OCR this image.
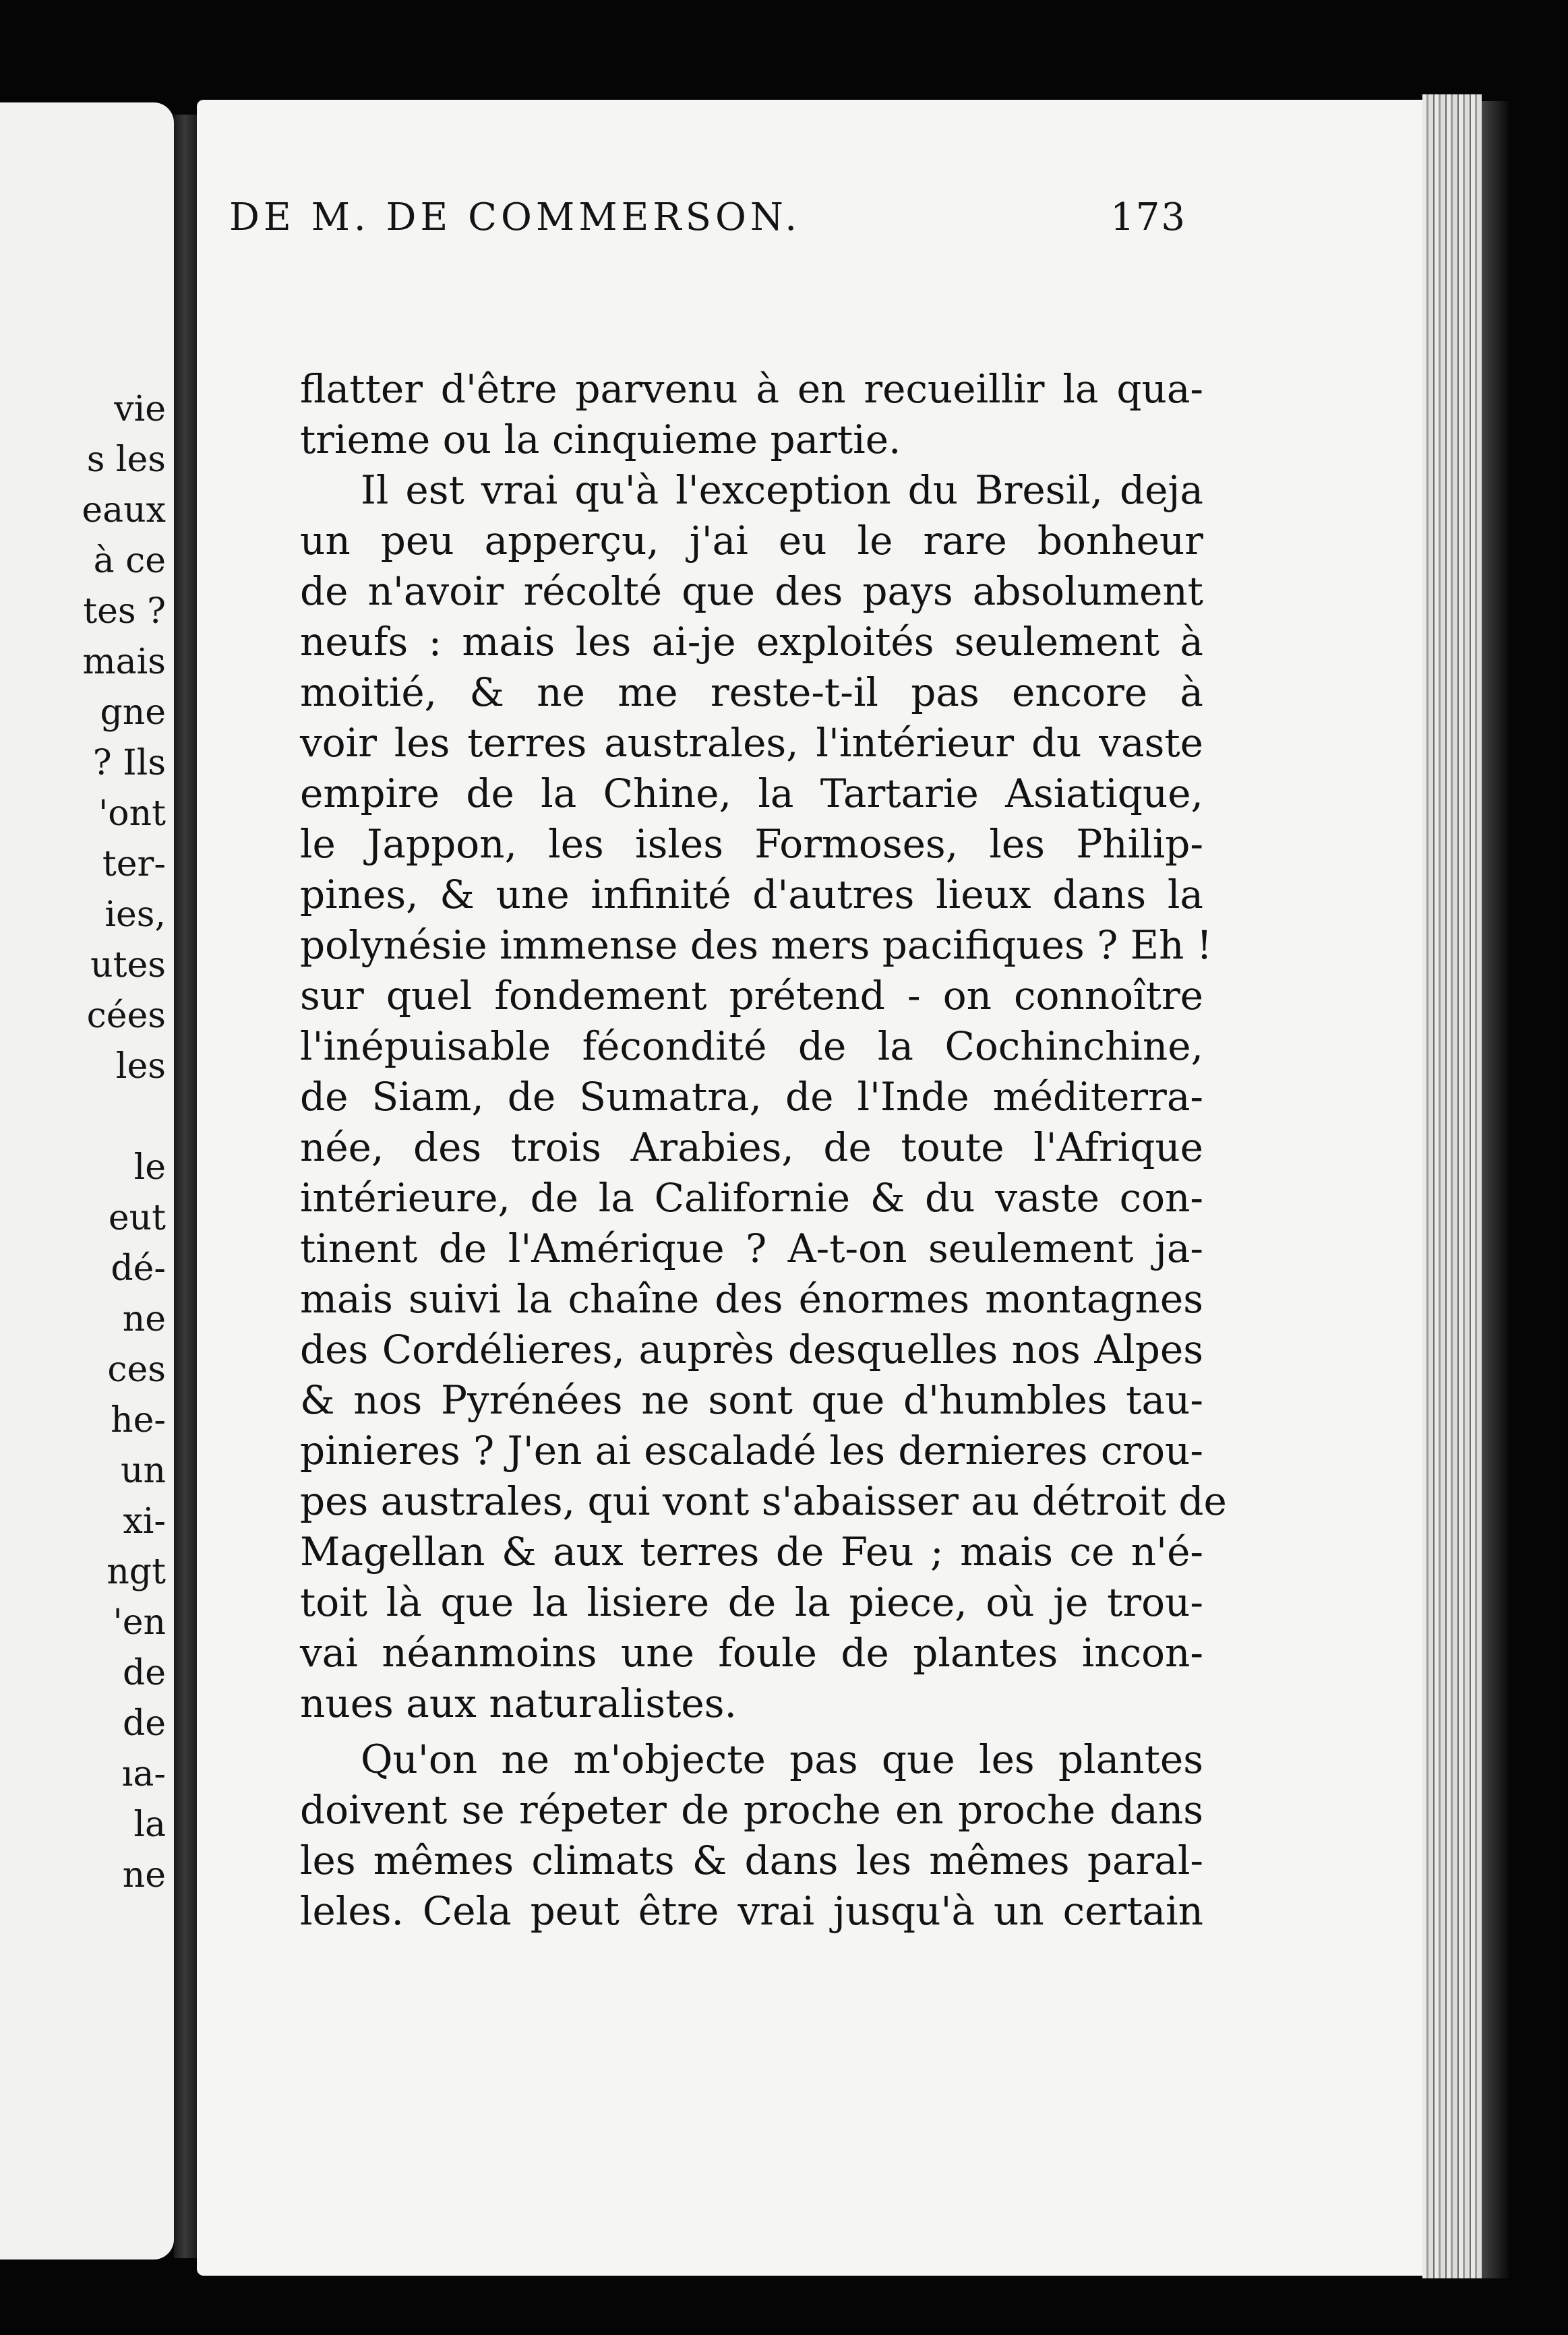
vie
s les
eaux
à ce
tes ?
mais
gne
? Ils
'ont
ter-
ies,
utes
cées
les
le
eut
dé-
ne
ces
he-
un
xi-
ngt
'en
de
de
ıa-
la
ne
DE M. DE COMMERSON.	173
flatter d'être parvenu à en recueillir la qua-
trieme ou la cinquieme partie.
Il est vrai qu'à l'exception du Bresil, deja
un peu apperçu, j'ai eu le rare bonheur
de n'avoir récolté que des pays absolument
neufs : mais les ai-je exploités seulement à
moitié, & ne me reste-t-il pas encore à
voir les terres australes, l'intérieur du vaste
empire de la Chine, la Tartarie Asiatique,
le Jappon, les isles Formoses, les Philip-
pines, & une infinité d'autres lieux dans la
polynésie immense des mers pacifiques ? Eh !
sur quel fondement prétend - on connoître
l'inépuisable fécondité de la Cochinchine,
de Siam, de Sumatra, de l'Inde méditerra-
née, des trois Arabies, de toute l'Afrique
intérieure, de la Californie & du vaste con-
tinent de l'Amérique ? A-t-on seulement ja-
mais suivi la chaîne des énormes montagnes
des Cordélieres, auprès desquelles nos Alpes
& nos Pyrénées ne sont que d'humbles tau-
pinieres ? J'en ai escaladé les dernieres crou-
pes australes, qui vont s'abaisser au détroit de
Magellan & aux terres de Feu ; mais ce n'é-
toit là que la lisiere de la piece, où je trou-
vai néanmoins une foule de plantes incon-
nues aux naturalistes.
Qu'on ne m'objecte pas que les plantes
doivent se répeter de proche en proche dans
les mêmes climats & dans les mêmes paral-
leles. Cela peut être vrai jusqu'à un certain
